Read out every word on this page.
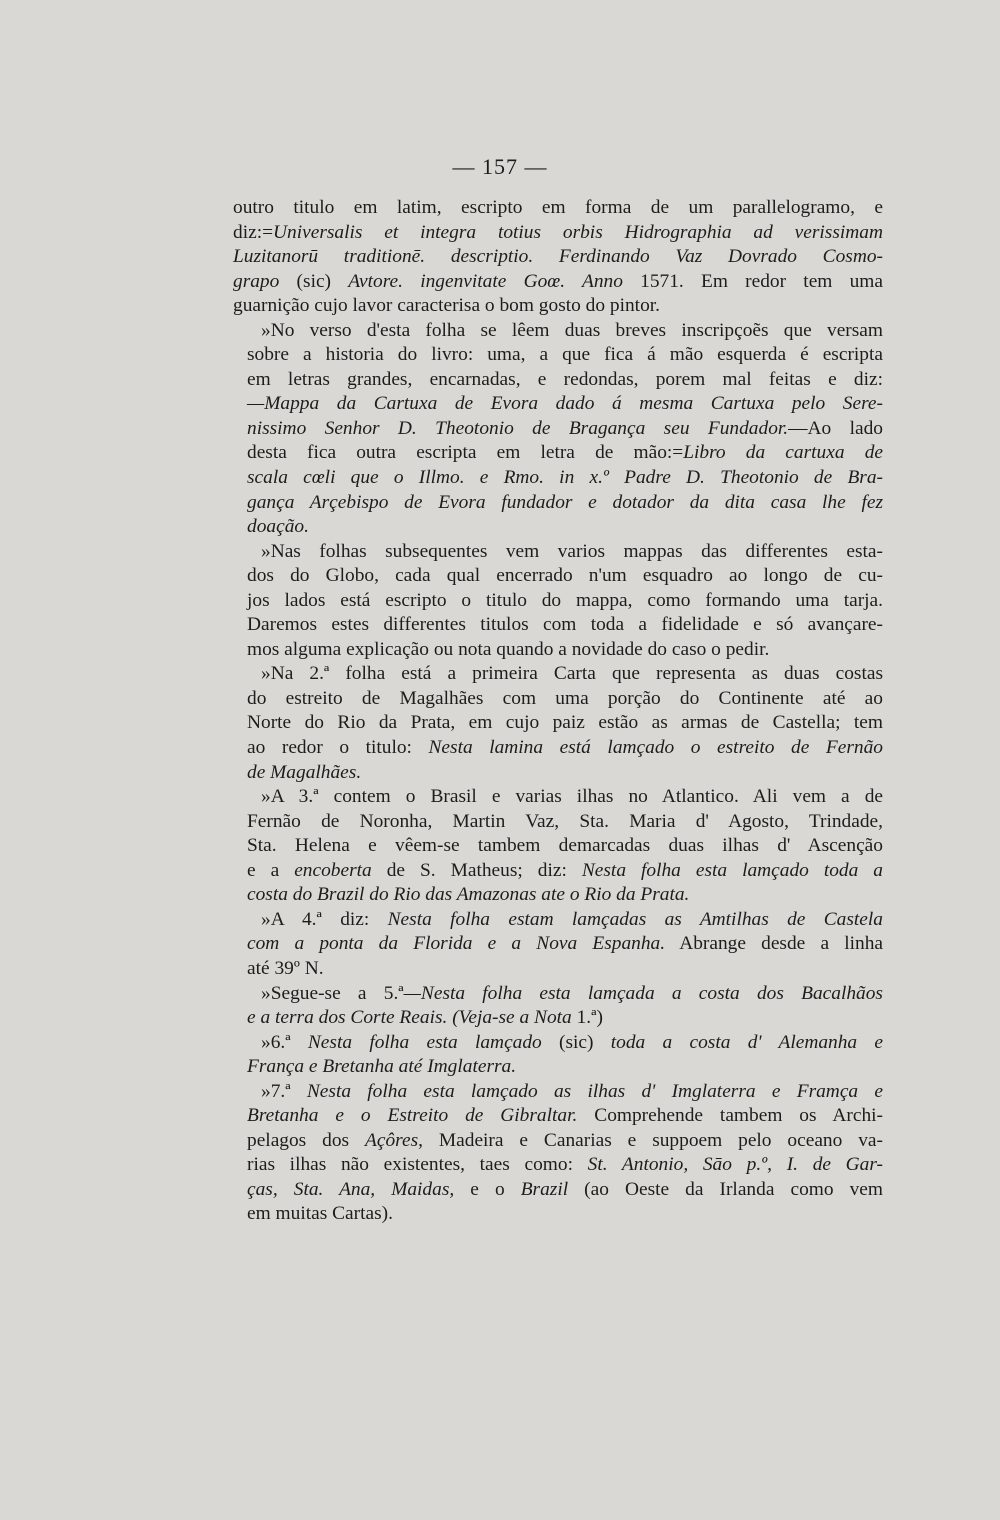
— 157 —
outro titulo em latim, escripto em forma de um parallelogramo, e
diz:=Universalis et integra totius orbis Hidrographia ad verissimam
Luzitanorū traditionē. descriptio. Ferdinando Vaz Dovrado Cosmo-
grapo (sic) Avtore. ingenvitate Goœ. Anno 1571. Em redor tem uma
guarnição cujo lavor caracterisa o bom gosto do pintor.
»No verso d'esta folha se lêem duas breves inscripçoẽs que versam
sobre a historia do livro: uma, a que fica á mão esquerda é escripta
em letras grandes, encarnadas, e redondas, porem mal feitas e diz:
—Mappa da Cartuxa de Evora dado á mesma Cartuxa pelo Sere-
nissimo Senhor D. Theotonio de Bragança seu Fundador.—Ao lado
desta fica outra escripta em letra de mão:=Libro da cartuxa de
scala cœli que o Illmo. e Rmo. in x.º Padre D. Theotonio de Bra-
gança Arçebispo de Evora fundador e dotador da dita casa lhe fez
doação.
»Nas folhas subsequentes vem varios mappas das differentes esta-
dos do Globo, cada qual encerrado n'um esquadro ao longo de cu-
jos lados está escripto o titulo do mappa, como formando uma tarja.
Daremos estes differentes titulos com toda a fidelidade e só avançare-
mos alguma explicação ou nota quando a novidade do caso o pedir.
»Na 2.ª folha está a primeira Carta que representa as duas costas
do estreito de Magalhães com uma porção do Continente até ao
Norte do Rio da Prata, em cujo paiz estão as armas de Castella; tem
ao redor o titulo: Nesta lamina está lamçado o estreito de Fernão
de Magalhães.
»A 3.ª contem o Brasil e varias ilhas no Atlantico. Ali vem a de
Fernão de Noronha, Martin Vaz, Sta. Maria d' Agosto, Trindade,
Sta. Helena e vêem-se tambem demarcadas duas ilhas d' Ascenção
e a encoberta de S. Matheus; diz: Nesta folha esta lamçado toda a
costa do Brazil do Rio das Amazonas ate o Rio da Prata.
»A 4.ª diz: Nesta folha estam lamçadas as Amtilhas de Castela
com a ponta da Florida e a Nova Espanha. Abrange desde a linha
até 39º N.
»Segue-se a 5.ª—Nesta folha esta lamçada a costa dos Bacalhãos
e a terra dos Corte Reais. (Veja-se a Nota 1.ª)
»6.ª Nesta folha esta lamçado (sic) toda a costa d' Alemanha e
França e Bretanha até Imglaterra.
»7.ª Nesta folha esta lamçado as ilhas d' Imglaterra e Framça e
Bretanha e o Estreito de Gibraltar. Comprehende tambem os Archi-
pelagos dos Açôres, Madeira e Canarias e suppoem pelo oceano va-
rias ilhas não existentes, taes como: St. Antonio, Sāo p.º, I. de Gar-
ças, Sta. Ana, Maidas, e o Brazil (ao Oeste da Irlanda como vem
em muitas Cartas).
